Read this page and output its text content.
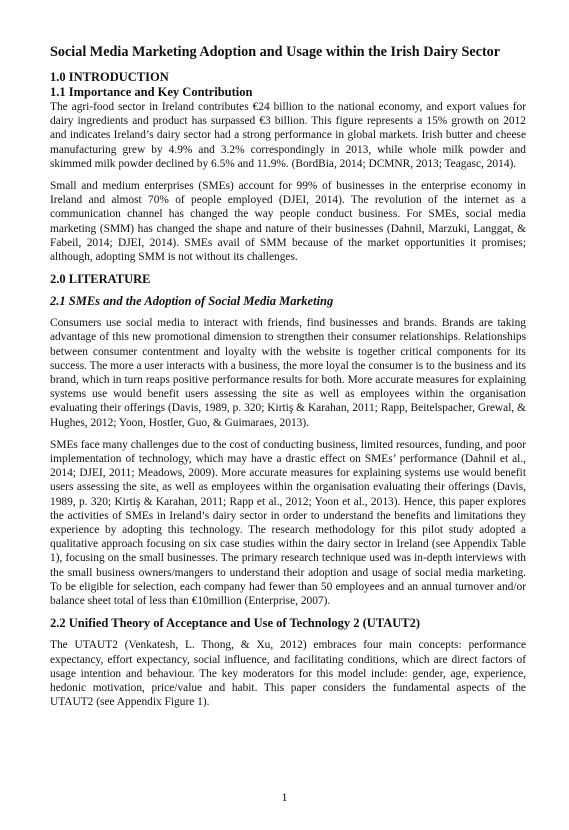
Social Media Marketing Adoption and Usage within the Irish Dairy Sector
1.0 INTRODUCTION
1.1 Importance and Key Contribution

The agri-food sector in Ireland contributes €24 billion to the national economy, and export values for dairy ingredients and product has surpassed €3 billion. This figure represents a 15% growth on 2012 and indicates Ireland’s dairy sector had a strong performance in global markets. Irish butter and cheese manufacturing grew by 4.9% and 3.2% correspondingly in 2013, while whole milk powder and skimmed milk powder declined by 6.5% and 11.9%. (BordBia, 2014; DCMNR, 2013; Teagasc, 2014).

Small and medium enterprises (SMEs) account for 99% of businesses in the enterprise economy in Ireland and almost 70% of people employed (DJEI, 2014). The revolution of the internet as a communication channel has changed the way people conduct business. For SMEs, social media marketing (SMM) has changed the shape and nature of their businesses (Dahnil, Marzuki, Langgat, & Fabeil, 2014; DJEI, 2014). SMEs avail of SMM because of the market opportunities it promises; although, adopting SMM is not without its challenges.

2.0 LITERATURE
2.1 SMEs and the Adoption of Social Media Marketing

Consumers use social media to interact with friends, find businesses and brands. Brands are taking advantage of this new promotional dimension to strengthen their consumer relationships. Relationships between consumer contentment and loyalty with the website is together critical components for its success. The more a user interacts with a business, the more loyal the consumer is to the business and its brand, which in turn reaps positive performance results for both. More accurate measures for explaining systems use would benefit users assessing the site as well as employees within the organisation evaluating their offerings (Davis, 1989, p. 320; Kirtiş & Karahan, 2011; Rapp, Beitelspacher, Grewal, & Hughes, 2012; Yoon, Hostler, Guo, & Guimaraes, 2013).

SMEs face many challenges due to the cost of conducting business, limited resources, funding, and poor implementation of technology, which may have a drastic effect on SMEs’ performance (Dahnil et al., 2014; DJEI, 2011; Meadows, 2009). More accurate measures for explaining systems use would benefit users assessing the site, as well as employees within the organisation evaluating their offerings (Davis, 1989, p. 320; Kirtiş & Karahan, 2011; Rapp et al., 2012; Yoon et al., 2013). Hence, this paper explores the activities of SMEs in Ireland’s dairy sector in order to understand the benefits and limitations they experience by adopting this technology. The research methodology for this pilot study adopted a qualitative approach focusing on six case studies within the dairy sector in Ireland (see Appendix Table 1), focusing on the small businesses. The primary research technique used was in-depth interviews with the small business owners/mangers to understand their adoption and usage of social media marketing. To be eligible for selection, each company had fewer than 50 employees and an annual turnover and/or balance sheet total of less than €10million (Enterprise, 2007).

2.2 Unified Theory of Acceptance and Use of Technology 2 (UTAUT2)

The UTAUT2 (Venkatesh, L. Thong, & Xu, 2012) embraces four main concepts: performance expectancy, effort expectancy, social influence, and facilitating conditions, which are direct factors of usage intention and behaviour. The key moderators for this model include: gender, age, experience, hedonic motivation, price/value and habit. This paper considers the fundamental aspects of the UTAUT2 (see Appendix Figure 1).

1
